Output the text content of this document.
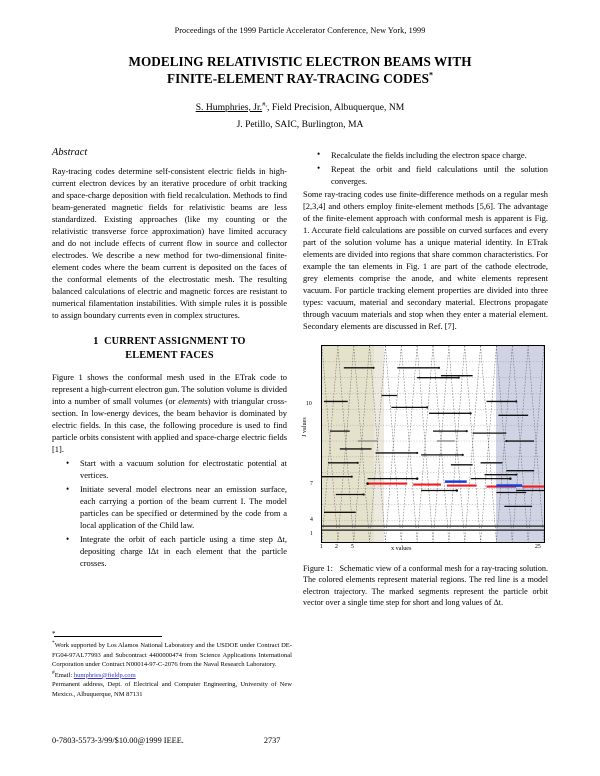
Proceedings of the 1999 Particle Accelerator Conference, New York, 1999
MODELING RELATIVISTIC ELECTRON BEAMS WITH
FINITE-ELEMENT RAY-TRACING CODES*
S. Humphries, Jr.#,, Field Precision, Albuquerque, NM
J. Petillo, SAIC, Burlington, MA
Abstract

Ray-tracing codes determine self-consistent electric fields in high-current electron devices by an iterative procedure of orbit tracking and space-charge deposition with field recalculation. Methods to find beam-generated magnetic fields for relativistic beams are less standardized. Existing approaches (like my counting or the relativistic transverse force approximation) have limited accuracy and do not include effects of current flow in source and collector electrodes. We describe a new method for two-dimensional finite-element codes where the beam current is deposited on the faces of the conformal elements of the electrostatic mesh. The resulting balanced calculations of electric and magnetic forces are resistant to numerical filamentation instabilities. With simple rules it is possible to assign boundary currents even in complex structures.

1 CURRENT ASSIGNMENT TO
ELEMENT FACES

Figure 1 shows the conformal mesh used in the ETrak code to represent a high-current electron gun. The solution volume is divided into a number of small volumes (or elements) with triangular cross-section. In low-energy devices, the beam behavior is dominated by electric fields. In this case, the following procedure is used to find particle orbits consistent with applied and space-charge electric fields [1].

• Start with a vacuum solution for electrostatic potential at vertices.
• Initiate several model electrons near an emission surface, each carrying a portion of the beam current I. The model particles can be specified or determined by the code from a local application of the Child law.
• Integrate the orbit of each particle using a time step Δt, depositing charge IΔt in each element that the particle crosses.
• Recalculate the fields including the electron space charge.
• Repeat the orbit and field calculations until the solution converges.

Some ray-tracing codes use finite-difference methods on a regular mesh [2,3,4] and others employ finite-element methods [5,6]. The advantage of the finite-element approach with conformal mesh is apparent is Fig. 1. Accurate field calculations are possible on curved surfaces and every part of the solution volume has a unique material identity. In ETrak elements are divided into regions that share common characteristics. For example the tan elements in Fig. 1 are part of the cathode electrode, grey elements comprise the anode, and white elements represent vacuum. For particle tracking element properties are divided into three types: vacuum, material and secondary material. Electrons propagate through vacuum materials and stop when they enter a material element. Secondary elements are discussed in Ref. [7].

J values
x values
1
4
7
10
1 2 5	25
Figure 1: Schematic view of a conformal mesh for a ray-tracing solution. The colored elements represent material regions. The red line is a model electron trajectory. The marked segments represent the particle orbit vector over a single time step for short and long values of Δt.
*

*Work supported by Los Alamos National Laboratory and the USDOE under Contract DE-FG04-97AL77993 and Subcontract 4400000474 from Science Applications International Corporation under Contract N00014-97-C-2076 from the Naval Research Laboratory.

#Email: humphries@fieldp.com

Permanent address, Dept. of Electrical and Computer Engineering, University of New Mexico., Albuquerque, NM 87131

0-7803-5573-3/99/$10.00@1999 IEEE.	2737
